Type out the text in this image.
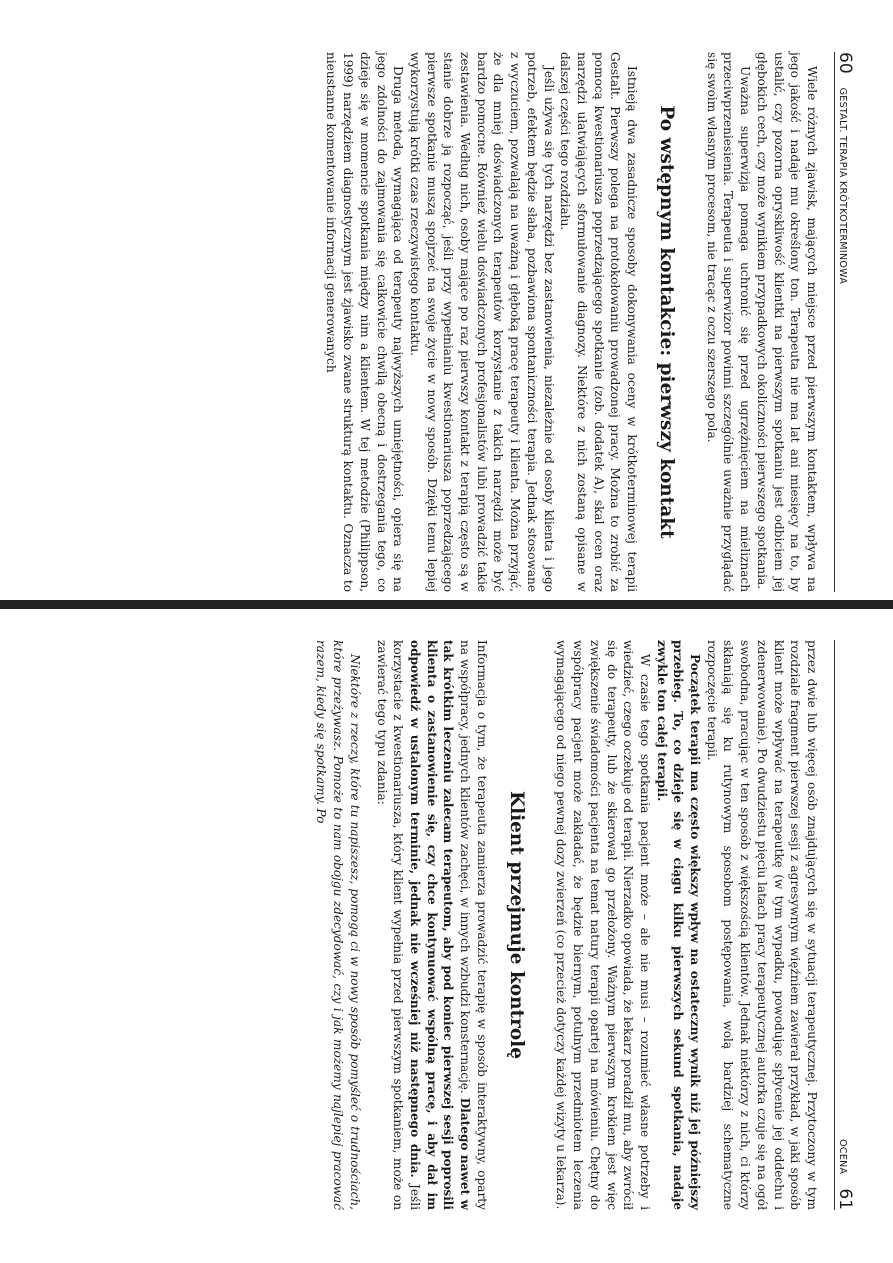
60
GESTALT. TERAPIA KRÓTKOTERMINOWA

Wiele różnych zjawisk, mających miejsce przed pierwszym kontaktem, wpływa na jego jakość i nadaje mu określony ton. Terapeuta nie ma lat ani miesięcy na to, by ustalić, czy pozorna opryskliwość klientki na pierwszym spotkaniu jest odbiciem jej głębokich cech, czy może wynikiem przypadkowych okoliczności pierwszego spotkania.

Uważna superwizja pomaga uchronić się przed ugrzęźnięciem na mieliznach przeciwprzeniesienia. Terapeuta i superwizor powinni szczególnie uważnie przyglądać się swoim własnym procesom, nie tracąc z oczu szerszego pola.

Po wstępnym kontakcie: pierwszy kontakt

Istnieją dwa zasadnicze sposoby dokonywania oceny w krótkoterminowej terapii Gestalt. Pierwszy polega na protokołowaniu prowadzonej pracy. Można to zrobić za pomocą kwestionariusza poprzedzającego spotkanie (zob. dodatek A), skal ocen oraz narzędzi ułatwiających sformułowanie diagnozy. Niektóre z nich zostaną opisane w dalszej części tego rozdziału.

Jeśli używa się tych narzędzi bez zastanowienia, niezależnie od osoby klienta i jego potrzeb, efektem będzie słaba, pozbawiona spontaniczności terapia. Jednak stosowane z wyczuciem, pozwalają na uważną i głęboką pracę terapeuty i klienta. Można przyjąć, że dla mniej doświadczonych terapeutów korzystanie z takich narzędzi może być bardzo pomocne. Również wielu doświadczonych profesjonalistów lubi prowadzić takie zestawienia. Według nich, osoby mające po raz pierwszy kontakt z terapią często są w stanie dobrze ją rozpocząć, jeśli przy wypełnianiu kwestionariusza poprzedzającego pierwsze spotkanie muszą spojrzeć na swoje życie w nowy sposób. Dzięki temu lepiej wykorzystują krótki czas rzeczywistego kontaktu.

Druga metoda, wymagająca od terapeuty najwyższych umiejętności, opiera się na jego zdolności do zajmowania się całkowicie chwilą obecną i dostrzegania tego, co dzieje się w momencie spotkania między nim a klientem. W tej metodzie (Philippson, 1999) narzędziem diagnostycznym jest zjawisko zwane strukturą kontaktu. Oznacza to nieustanne komentowanie informacji generowanych

OCENA
61

przez dwie lub więcej osób znajdujących się w sytuacji terapeutycznej. Przytoczony w tym rozdziale fragment pierwszej sesji z agresywnym więźniem zawierał przykład, w jaki sposób klient może wpływać na terapeutkę (w tym wypadku, powodując spłycenie jej oddechu i zdenerwowanie). Po dwudziestu pięciu latach pracy terapeutycznej autorka czuje się na ogół swobodna, pracując w ten sposób z większością klientów. Jednak niektórzy z nich, ci którzy skłaniają się ku rutynowym sposobom postępowania, wolą bardziej schematyczne rozpoczęcie terapii.

Początek terapii ma często większy wpływ na ostateczny wynik niż jej późniejszy przebieg. To, co dzieje się w ciągu kilku pierwszych sekund spotkania, nadaje zwykle ton całej terapii.

W czasie tego spotkania pacjent może – ale nie musi – rozumieć własne potrzeby i wiedzieć, czego oczekuje od terapii. Nierzadko opowiada, że lekarz poradził mu, aby zwrócił się do terapeuty, lub że skierował go przełożony. Ważnym pierwszym krokiem jest więc zwiększenie świadomości pacjenta na temat natury terapii opartej na mówieniu. Chętny do współpracy pacjent może zakładać, że będzie biernym, potulnym przedmiotem leczenia wymagającego od niego pewnej dozy zwierzeń (co przecież dotyczy każdej wizyty u lekarza).

Klient przejmuje kontrolę

Informacja o tym, że terapeuta zamierza prowadzić terapię w sposób interaktywny, oparty na współpracy, jednych klientów zachęci, w innych wzbudzi konsternację. Dlatego nawet w tak krótkim leczeniu zalecam terapeutom, aby pod koniec pierwszej sesji poprosili klienta o zastanowienie się, czy chce kontynuować wspólną pracę, i aby dał im odpowiedź w ustalonym terminie, jednak nie wcześniej niż następnego dnia. Jeśli korzystacie z kwestionariusza, który klient wypełnia przed pierwszym spotkaniem, może on zawierać tego typu zdania:

Niektóre z rzeczy, które tu napiszesz, pomogą ci w nowy sposób pomyśleć o trudnościach, które przeżywasz. Pomoże to nam obojgu zdecydować, czy i jak możemy najlepiej pracować razem, kiedy się spotkamy. Po
